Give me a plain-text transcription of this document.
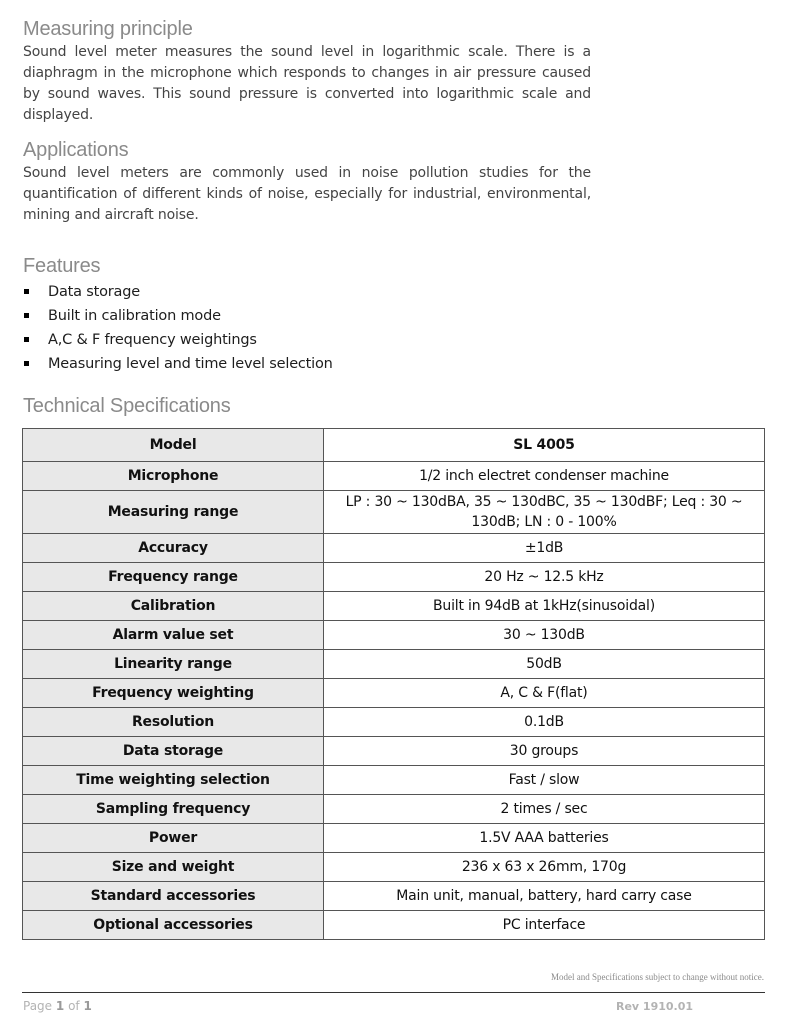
Measuring principle

Sound level meter measures the sound level in logarithmic scale. There is a diaphragm in the microphone which responds to changes in air pressure caused by sound waves. This sound pressure is converted into logarithmic scale and displayed.

Applications

Sound level meters are commonly used in noise pollution studies for the quantification of different kinds of noise, especially for industrial, environmental, mining and aircraft noise.

Features
Data storage
Built in calibration mode
A,C & F frequency weightings
Measuring level and time level selection
Technical Specifications
Model	SL 4005
Microphone	1/2 inch electret condenser machine
Measuring range	LP : 30 ~ 130dBA, 35 ~ 130dBC, 35 ~ 130dBF; Leq : 30 ~ 130dB; LN : 0 - 100%
Accuracy	±1dB
Frequency range	20 Hz ~ 12.5 kHz
Calibration	Built in 94dB at 1kHz(sinusoidal)
Alarm value set	30 ~ 130dB
Linearity range	50dB
Frequency weighting	A, C & F(flat)
Resolution	0.1dB
Data storage	30 groups
Time weighting selection	Fast / slow
Sampling frequency	2 times / sec
Power	1.5V AAA batteries
Size and weight	236 x 63 x 26mm, 170g
Standard accessories	Main unit, manual, battery, hard carry case
Optional accessories	PC interface

Model and Specifications subject to change without notice.

Page 1 of 1	Rev 1910.01
